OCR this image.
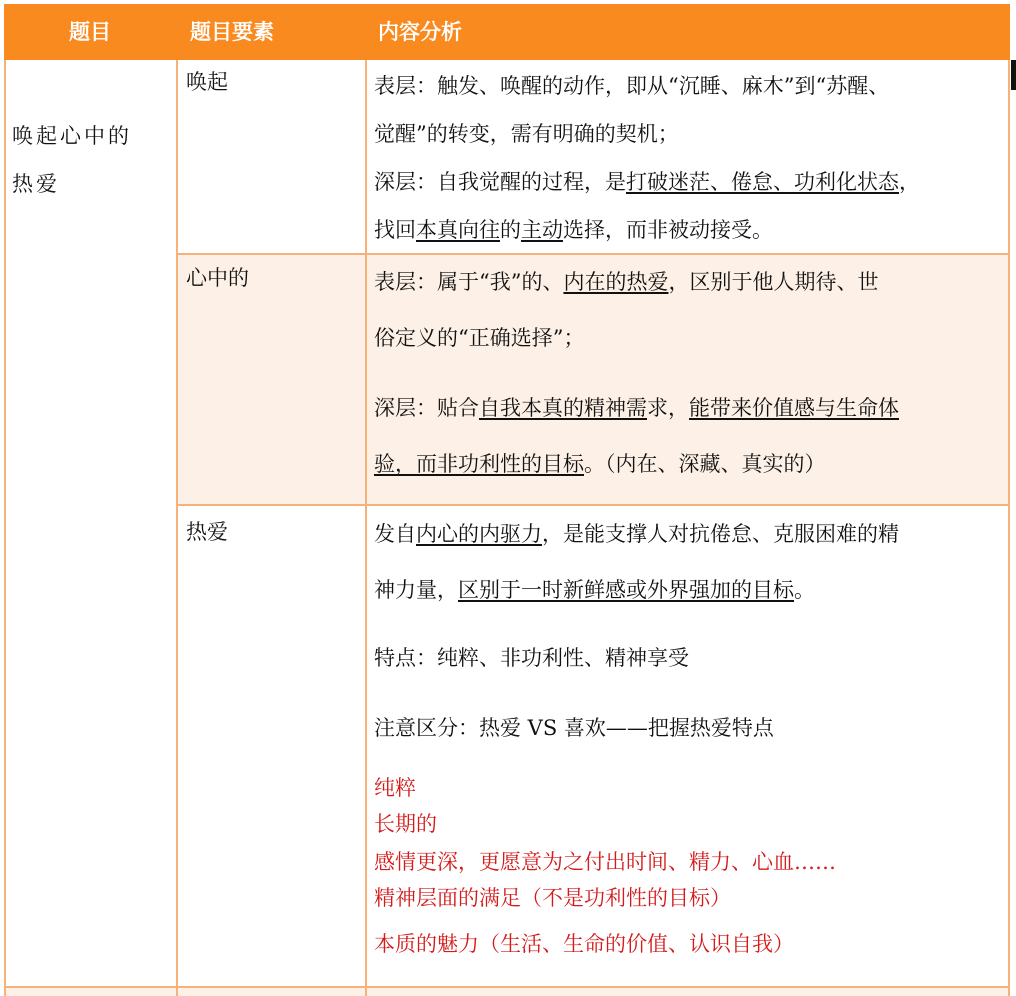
题目	题目要素	内容分析
唤起心中的
热爱
唤起
心中的
热爱
表层：触发、唤醒的动作，即从“沉睡、麻木”到“苏醒、
觉醒”的转变，需有明确的契机；
深层：自我觉醒的过程，是打破迷茫、倦怠、功利化状态，
找回本真向往的主动选择，而非被动接受。
表层：属于“我”的、内在的热爱，区别于他人期待、世
俗定义的“正确选择”；
深层：贴合自我本真的精神需求，能带来价值感与生命体
验，而非功利性的目标。（内在、深藏、真实的）
发自内心的内驱力，是能支撑人对抗倦怠、克服困难的精
神力量，区别于一时新鲜感或外界强加的目标。
特点：纯粹、非功利性、精神享受
注意区分：热爱 VS 喜欢——把握热爱特点
纯粹
长期的
感情更深，更愿意为之付出时间、精力、心血……
精神层面的满足（不是功利性的目标）
本质的魅力（生活、生命的价值、认识自我）
